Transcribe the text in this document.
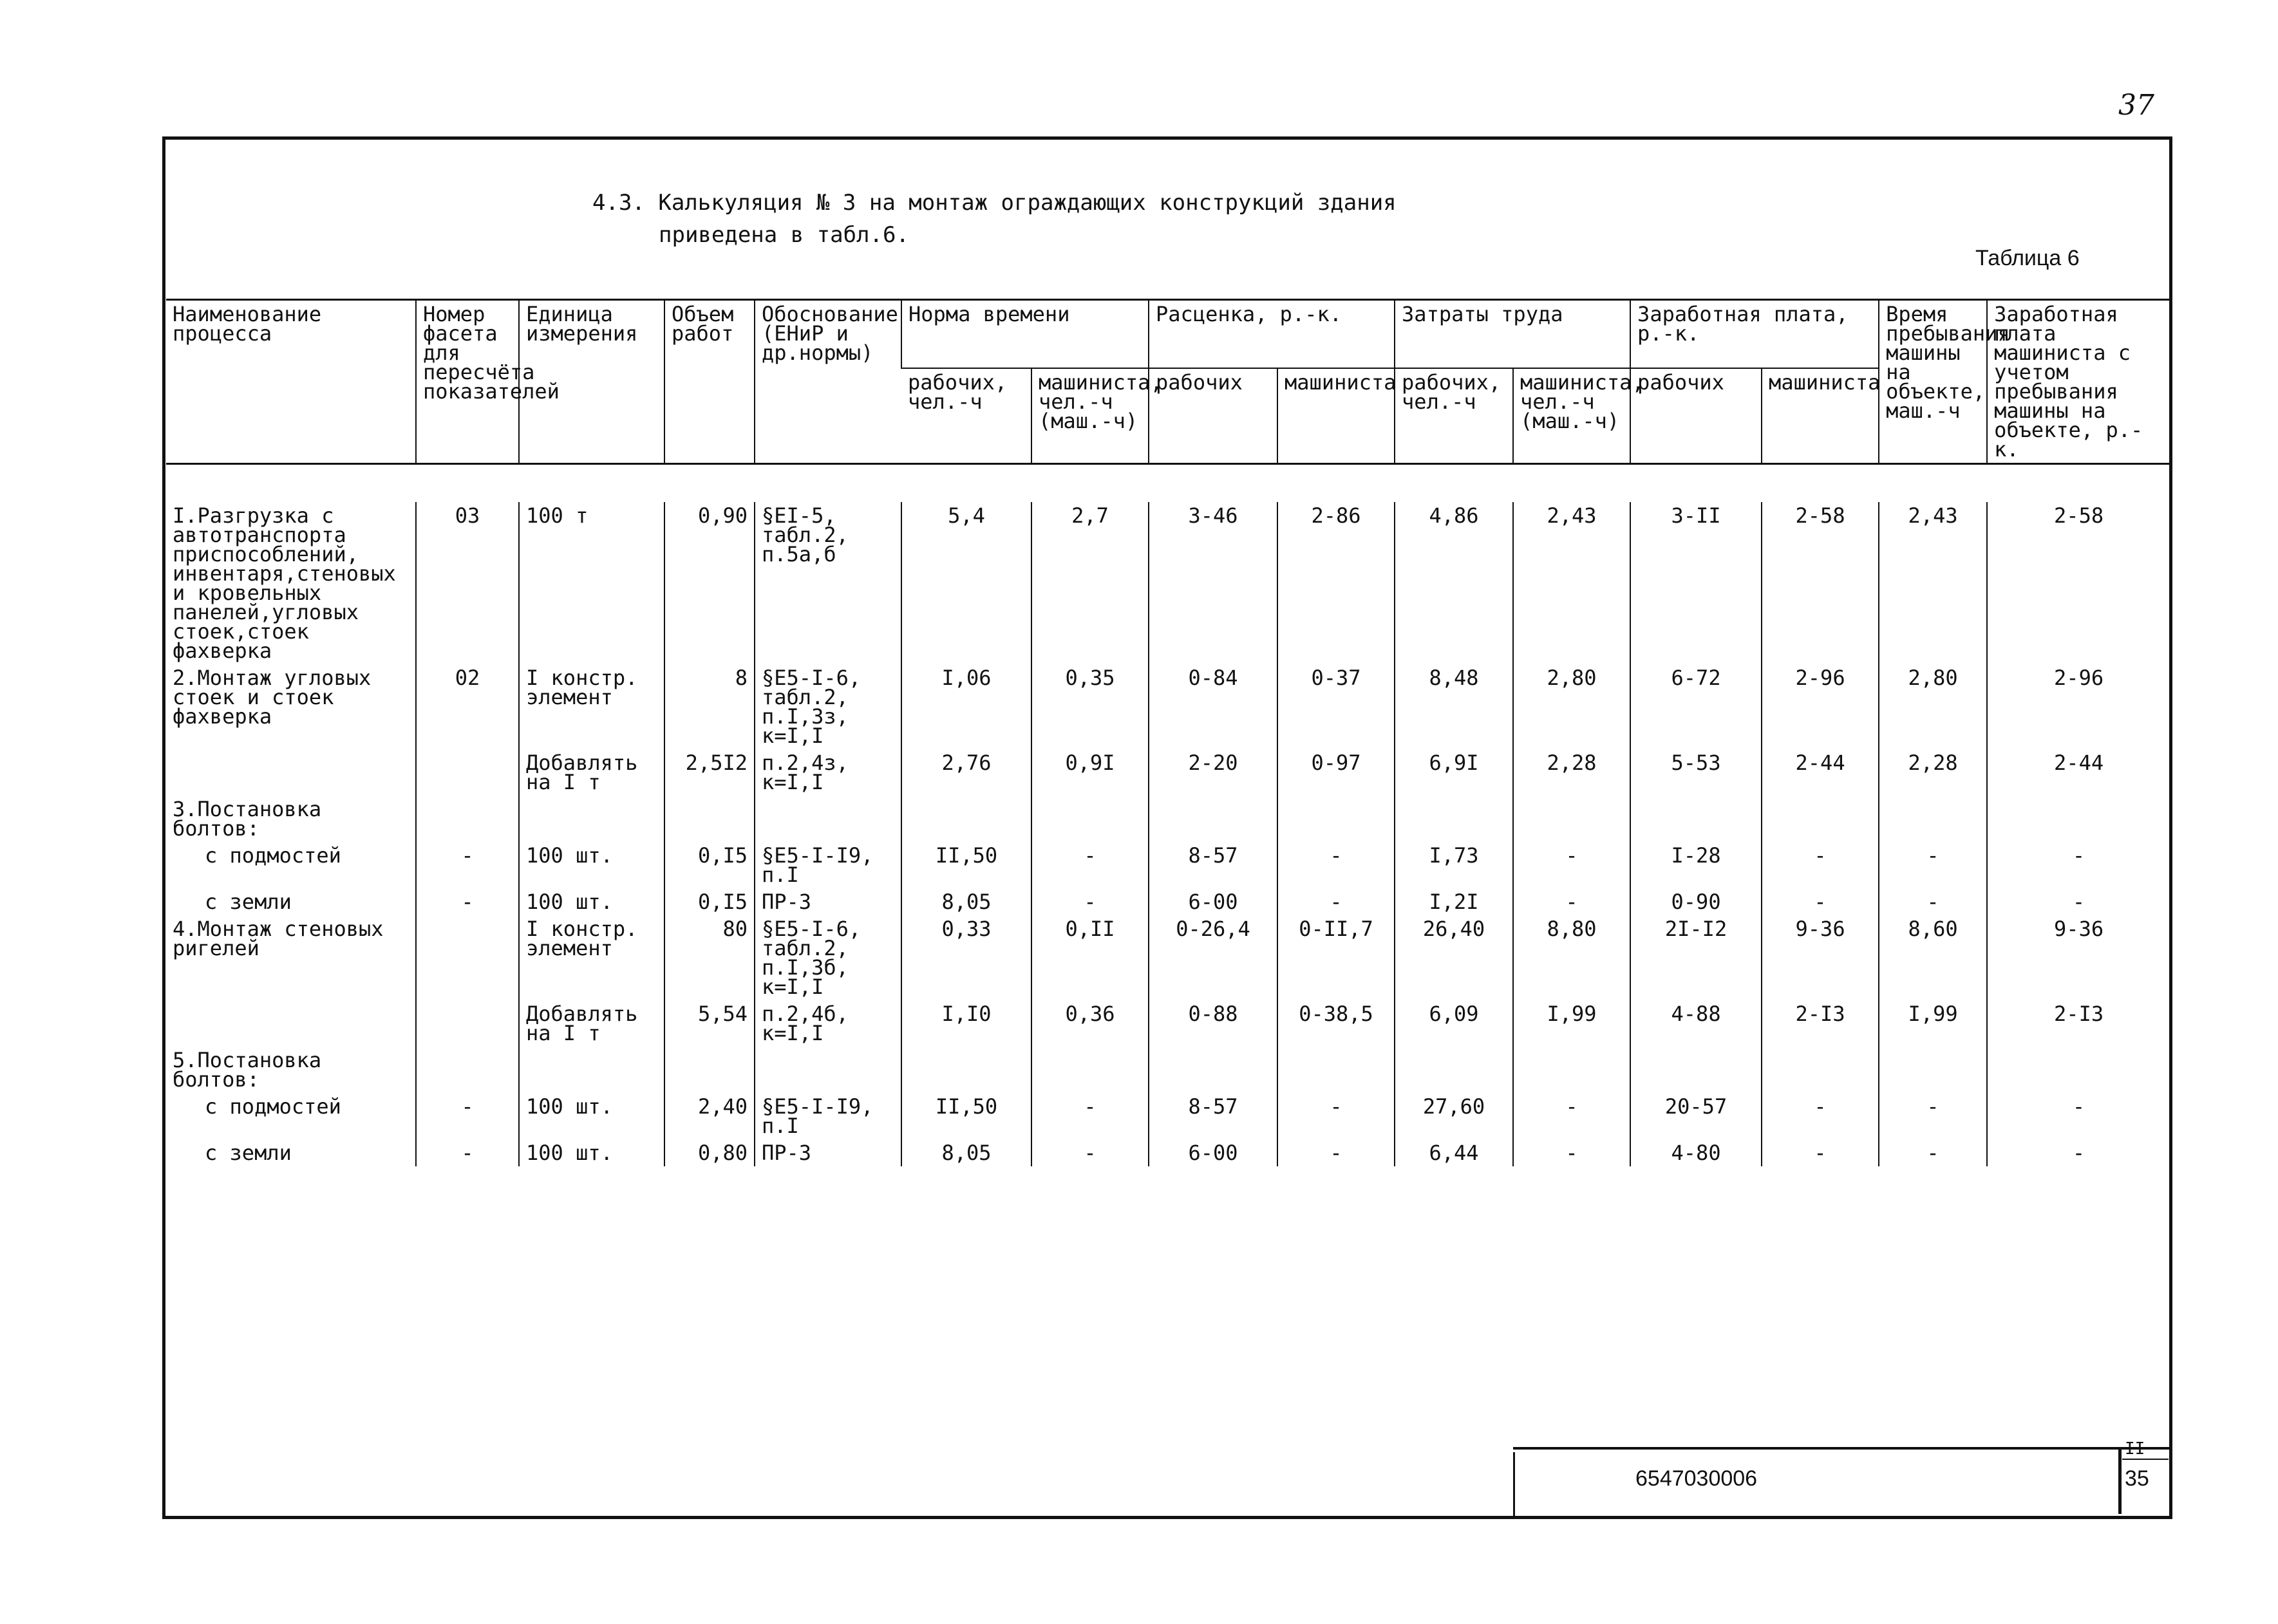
37
4.3. Калькуляция № 3 на монтаж ограждающих конструкций здания
приведена в табл.6.
Таблица 6
Наименование процесса	Номер фасета для пересчёта показателей	Единица измерения	Объем работ	Обоснование (ЕНиР и др.нормы)	Норма времени		Расценка, р.-к.		Затраты труда		Заработная плата, р.-к.		Время пребывания машины на объекте, маш.-ч	Заработная плата машиниста с учетом пребывания машины на объекте, р.-к.
					рабочих, чел.-ч	машиниста, чел.-ч (маш.-ч)	рабочих	машиниста	рабочих, чел.-ч	машиниста, чел.-ч (маш.-ч)	рабочих	машиниста		

I.Разгрузка с автотранспорта приспособлений, инвентаря,стеновых и кровельных панелей,угловых стоек,стоек фахверка	03	100 т	0,90	§EI-5, табл.2, п.5а,б	5,4	2,7	3-46	2-86	4,86	2,43	3-II	2-58	2,43	2-58
2.Монтаж угловых стоек и стоек фахверка	02	I констр. элемент	8	§E5-I-6, табл.2, п.I,3з, к=I,I	I,06	0,35	0-84	0-37	8,48	2,80	6-72	2-96	2,80	2-96
		Добавлять на I т	2,5I2	п.2,4з, к=I,I	2,76	0,9I	2-20	0-97	6,9I	2,28	5-53	2-44	2,28	2-44
3.Постановка болтов:														
с подмостей	-	100 шт.	0,I5	§E5-I-I9, п.I	II,50	-	8-57	-	I,73	-	I-28	-	-	-
с земли	-	100 шт.	0,I5	ПР-3	8,05	-	6-00	-	I,2I	-	0-90	-	-	-
4.Монтаж стеновых ригелей		I констр. элемент	80	§E5-I-6, табл.2, п.I,3б, к=I,I	0,33	0,II	0-26,4	0-II,7	26,40	8,80	2I-I2	9-36	8,60	9-36
		Добавлять на I т	5,54	п.2,4б, к=I,I	I,I0	0,36	0-88	0-38,5	6,09	I,99	4-88	2-I3	I,99	2-I3
5.Постановка болтов:														
с подмостей	-	100 шт.	2,40	§E5-I-I9, п.I	II,50	-	8-57	-	27,60	-	20-57	-	-	-
с земли	-	100 шт.	0,80	ПР-3	8,05	-	6-00	-	6,44	-	4-80	-	-	-
6547030006
II
35
